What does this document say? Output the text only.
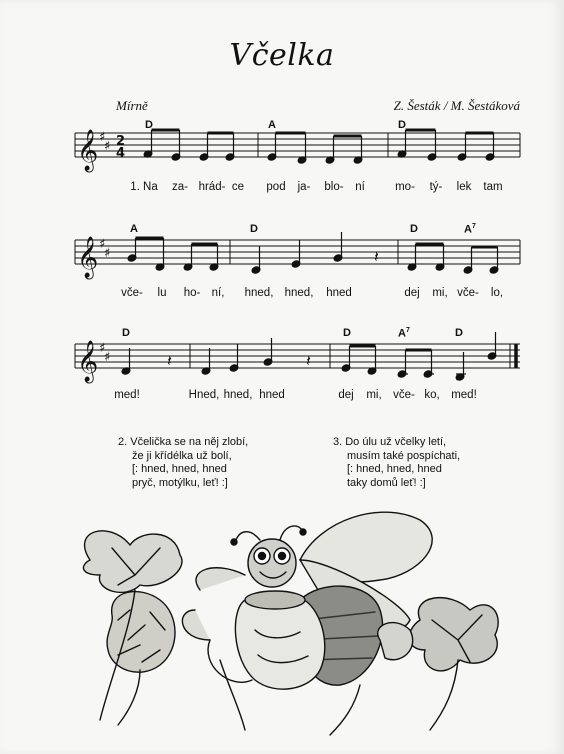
Včelka
Mírně	Z. Šesták / M. Šestáková
𝄞
𝄞
𝄞
♯
♯
♯
♯
♯
♯
2
4
𝄽
𝄽	𝄽
D	A	D
A	D	D	$A^7$
D	D	$A^7$	D
1. Na za- hrád- ce pod ja- blo- ní	mo- tý- lek tam
vče- lu ho- ní, hned, hned, hned	dej mi, vče- lo,
med!	Hned, hned, hned	dej mi, vče- ko, med!
2. Včelička se na něj zlobí,
že ji křídélka už bolí,
[: hned, hned, hned
pryč, motýlku, leť! :]
3. Do úlu už včelky letí,
musím také pospíchati,
[: hned, hned, hned
taky domů leť! :]
